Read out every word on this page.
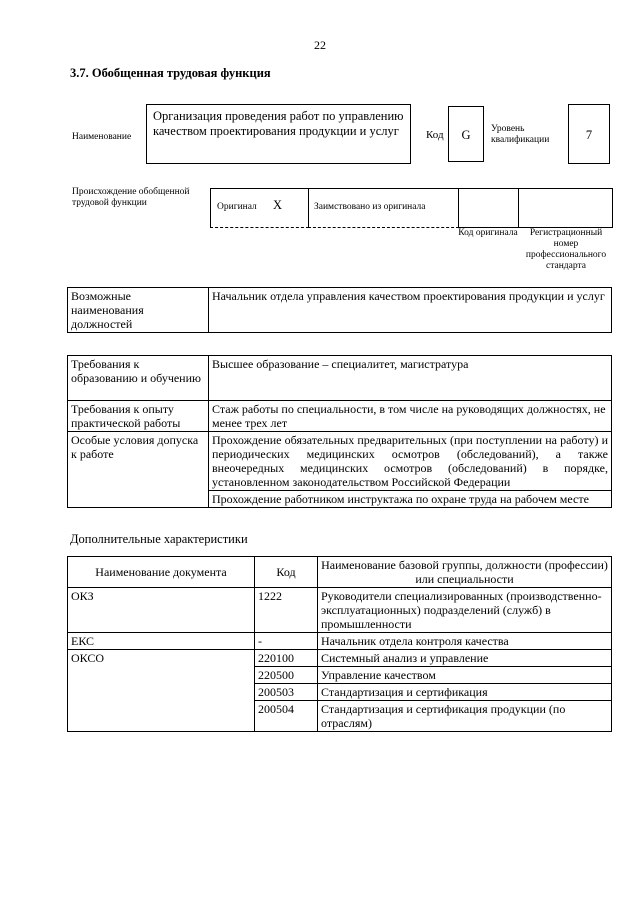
22
3.7. Обобщенная трудовая функция
Наименование
Организация проведения работ по управлению качеством проектирования продукции и услуг	Код	G	Уровень квалификации	7
Происхождение обобщенной трудовой функции	Оригинал X	Заимствовано из оригинала
Код оригинала	Регистрационный номер профессионального стандарта
Возможные наименования должностей	Начальник отдела управления качеством проектирования продукции и услуг
Требования к образованию и обучению	Высшее образование – специалитет, магистратура
Требования к опыту практической работы	Стаж работы по специальности, в том числе на руководящих должностях, не менее трех лет
Особые условия допуска к работе	Прохождение обязательных предварительных (при поступлении на работу) и периодических медицинских осмотров (обследований), а также внеочередных медицинских осмотров (обследований) в порядке, установленном законодательством Российской Федерации
	Прохождение работником инструктажа по охране труда на рабочем месте
Дополнительные характеристики
Наименование документа	Код	Наименование базовой группы, должности (профессии) или специальности
ОКЗ	1222	Руководители специализированных (производственно-эксплуатационных) подразделений (служб) в промышленности
ЕКС	-	Начальник отдела контроля качества
ОКСО	220100	Системный анализ и управление
	220500	Управление качеством
	200503	Стандартизация и сертификация
	200504	Стандартизация и сертификация продукции (по отраслям)
